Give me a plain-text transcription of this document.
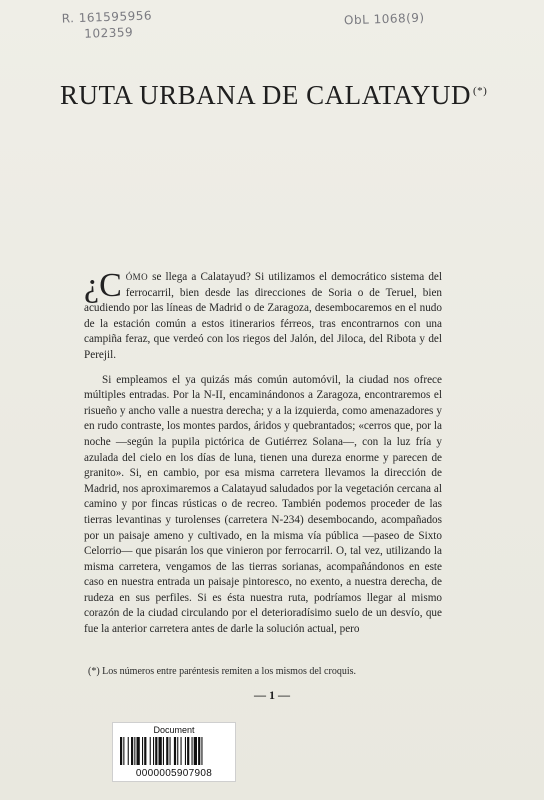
R. 161595956
102359
ObL 1068(9)
RUTA URBANA DE CALATAYUD (*)

¿C ÓMO se llega a Calatayud? Si utilizamos el democrático sistema del ferrocarril, bien desde las direcciones de Soria o de Teruel, bien acudiendo por las líneas de Madrid o de Zaragoza, desembocaremos en el nudo de la estación común a estos itinerarios férreos, tras encontrarnos con una campiña feraz, que verdeó con los riegos del Jalón, del Jiloca, del Ribota y del Perejil.

Si empleamos el ya quizás más común automóvil, la ciudad nos ofrece múltiples entradas. Por la N-II, encaminándonos a Zaragoza, encontraremos el risueño y ancho valle a nuestra derecha; y a la izquierda, como amenazadores y en rudo contraste, los montes pardos, áridos y quebrantados; «cerros que, por la noche —según la pupila pictórica de Gutiérrez Solana—, con la luz fría y azulada del cielo en los días de luna, tienen una dureza enorme y parecen de granito». Si, en cambio, por esa misma carretera llevamos la dirección de Madrid, nos aproximaremos a Calatayud saludados por la vegetación cercana al camino y por fincas rústicas o de recreo. También podemos proceder de las tierras levantinas y turolenses (carretera N-234) desembocando, acompañados por un paisaje ameno y cultivado, en la misma vía pública —paseo de Sixto Celorrio— que pisarán los que vinieron por ferrocarril. O, tal vez, utilizando la misma carretera, vengamos de las tierras sorianas, acompañándonos en este caso en nuestra entrada un paisaje pintoresco, no exento, a nuestra derecha, de rudeza en sus perfiles. Si es ésta nuestra ruta, podríamos llegar al mismo corazón de la ciudad circulando por el deterioradísimo suelo de un desvío, que fue la anterior carretera antes de darle la solución actual, pero

(*) Los números entre paréntesis remiten a los mismos del croquis.
— 1 —
Document
0000005907908
